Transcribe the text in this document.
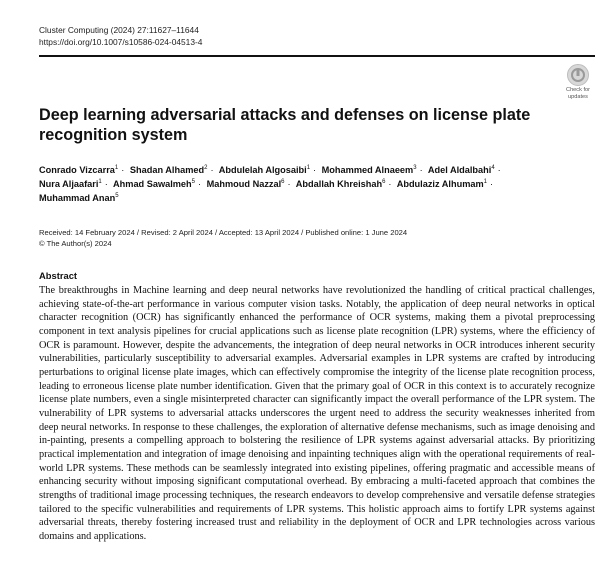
Cluster Computing (2024) 27:11627–11644
https://doi.org/10.1007/s10586-024-04513-4
Check for
updates
Deep learning adversarial attacks and defenses on license plate recognition system
Conrado Vizcarra$^1$ · Shadan Alhamed$^2$ · Abdulelah Algosaibi$^1$ · Mohammed Alnaeem$^3$ · Adel Aldalbahi$^4$ ·
Nura Aljaafari$^1$ · Ahmad Sawalmeh$^5$ · Mahmoud Nazzal$^6$ · Abdallah Khreishah$^6$ · Abdulaziz Alhumam$^1$ ·
Muhammad Anan$^5$
Received: 14 February 2024 / Revised: 2 April 2024 / Accepted: 13 April 2024 / Published online: 1 June 2024
© The Author(s) 2024
Abstract

The breakthroughs in Machine learning and deep neural networks have revolutionized the handling of critical practical challenges, achieving state-of-the-art performance in various computer vision tasks. Notably, the application of deep neural networks in optical character recognition (OCR) has significantly enhanced the performance of OCR systems, making them a pivotal preprocessing component in text analysis pipelines for crucial applications such as license plate recognition (LPR) systems, where the efficiency of OCR is paramount. However, despite the advancements, the integration of deep neural networks in OCR introduces inherent security vulnerabilities, particularly susceptibility to adversarial examples. Adversarial examples in LPR systems are crafted by introducing perturbations to original license plate images, which can effectively compromise the integrity of the license plate recognition process, leading to erroneous license plate number identification. Given that the primary goal of OCR in this context is to accurately recognize license plate numbers, even a single misinterpreted character can significantly impact the overall performance of the LPR system. The vulnerability of LPR systems to adversarial attacks underscores the urgent need to address the security weaknesses inherited from deep neural networks. In response to these challenges, the exploration of alternative defense mechanisms, such as image denoising and in-painting, presents a compelling approach to bolstering the resilience of LPR systems against adversarial attacks. By prioritizing practical implementation and integration of image denoising and inpainting techniques align with the operational requirements of real-world LPR systems. These methods can be seamlessly integrated into existing pipelines, offering pragmatic and accessible means of enhancing security without imposing significant computational overhead. By embracing a multi-faceted approach that combines the strengths of traditional image processing techniques, the research endeavors to develop comprehensive and versatile defense strategies tailored to the specific vulnerabilities and requirements of LPR systems. This holistic approach aims to fortify LPR systems against adversarial threats, thereby fostering increased trust and reliability in the deployment of OCR and LPR technologies across various domains and applications.
